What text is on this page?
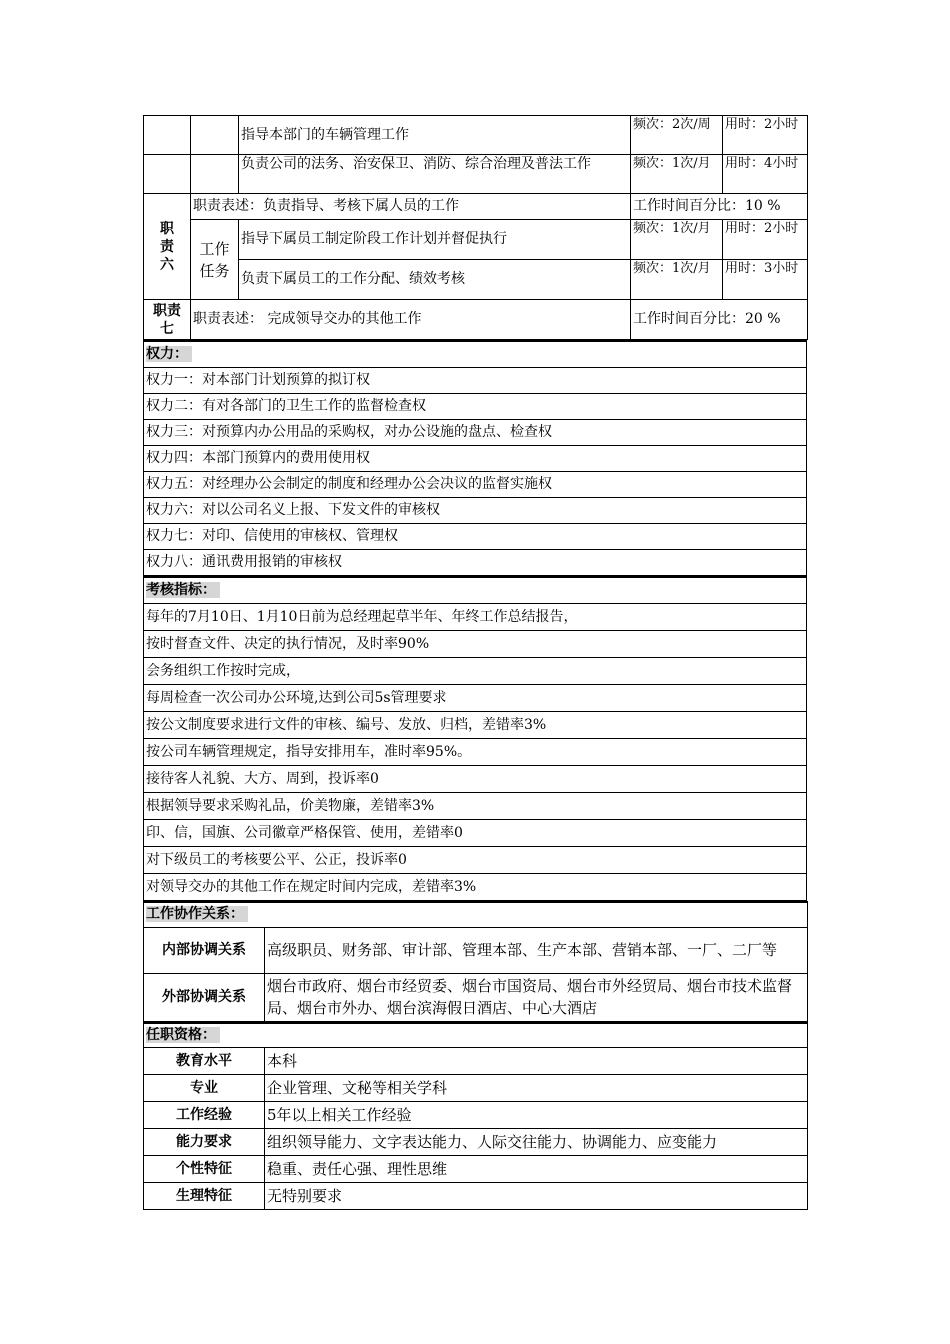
		指导本部门的车辆管理工作	频次：2次/周	用时：2小时
		负责公司的法务、治安保卫、消防、综合治理及普法工作	频次：1次/月	用时：4小时

职
责
六	职责表述：负责指导、考核下属人员的工作		工作时间百分比：10 %	

	工作
任务	指导下属员工制定阶段工作计划并督促执行	频次：1次/月	用时：2小时
		负责下属员工的工作分配、绩效考核	频次：1次/月	用时：3小时

职责
七	职责表述： 完成领导交办的其他工作		工作时间百分比：20 %	
权力：
权力一：对本部门计划预算的拟订权
权力二：有对各部门的卫生工作的监督检查权
权力三：对预算内办公用品的采购权，对办公设施的盘点、检查权
权力四：本部门预算内的费用使用权
权力五：对经理办公会制定的制度和经理办公会决议的监督实施权
权力六：对以公司名义上报、下发文件的审核权
权力七：对印、信使用的审核权、管理权
权力八：通讯费用报销的审核权
考核指标：
每年的7月10日、1月10日前为总经理起草半年、年终工作总结报告，
按时督查文件、决定的执行情况，及时率90%
会务组织工作按时完成，
每周检查一次公司办公环境,达到公司5s管理要求
按公文制度要求进行文件的审核、编号、发放、归档，差错率3%
按公司车辆管理规定，指导安排用车，准时率95%。
接待客人礼貌、大方、周到，投诉率0
根据领导要求采购礼品，价美物廉，差错率3%
印、信，国旗、公司徽章严格保管、使用，差错率0
对下级员工的考核要公平、公正，投诉率0
对领导交办的其他工作在规定时间内完成，差错率3%
工作协作关系：	
内部协调关系	高级职员、财务部、审计部、管理本部、生产本部、营销本部、一厂、二厂等
外部协调关系	烟台市政府、烟台市经贸委、烟台市国资局、烟台市外经贸局、烟台市技术监督局、烟台市外办、烟台滨海假日酒店、中心大酒店
任职资格：	
教育水平	本科
专业	企业管理、文秘等相关学科
工作经验	5年以上相关工作经验
能力要求	组织领导能力、文字表达能力、人际交往能力、协调能力、应变能力
个性特征	稳重、责任心强、理性思维
生理特征	无特别要求
